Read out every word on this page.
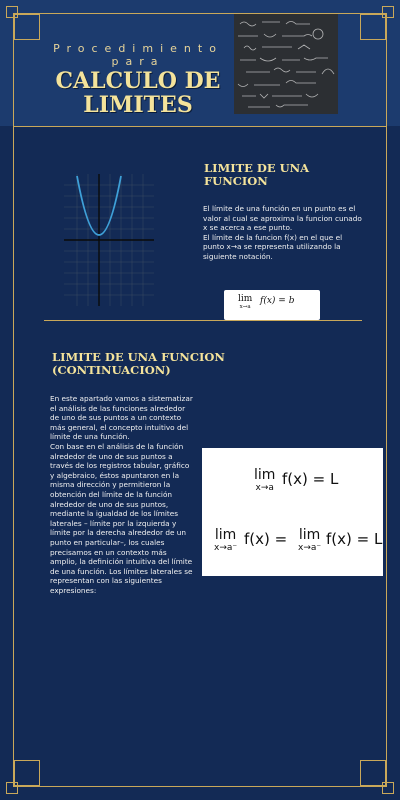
Procedimiento
para
CALCULO DE
LIMITES
LIMITE DE UNA
FUNCION

El límite de una función en un punto es el valor al cual se aproxima la funcion cunado x se acerca a ese punto.

El límite de la funcion f(x) en el que el punto x→a se representa utilizando la siguiente notación.

lim
x→a
f(x) = b
LIMITE DE UNA FUNCION
(CONTINUACION)

En este apartado vamos a sistematizar el análisis de las funciones alrededor de uno de sus puntos a un contexto más general, el concepto intuitivo del límite de una función.

Con base en el análisis de la función alrededor de uno de sus puntos a través de los registros tabular, gráfico y algebraico, éstos apuntaron en la misma dirección y permitieron la obtención del límite de la función alrededor de uno de sus puntos, mediante la igualdad de los límites laterales – límite por la izquierda y límite por la derecha alrededor de un punto en particular–, los cuales precisamos en un contexto más amplio, la definición intuitiva del límite de una función. Los límites laterales se representan con las siguientes expresiones:

lim
x→a f(x) = L
lim
x→a⁻ f(x) = lim
x→a⁻ f(x) = L
